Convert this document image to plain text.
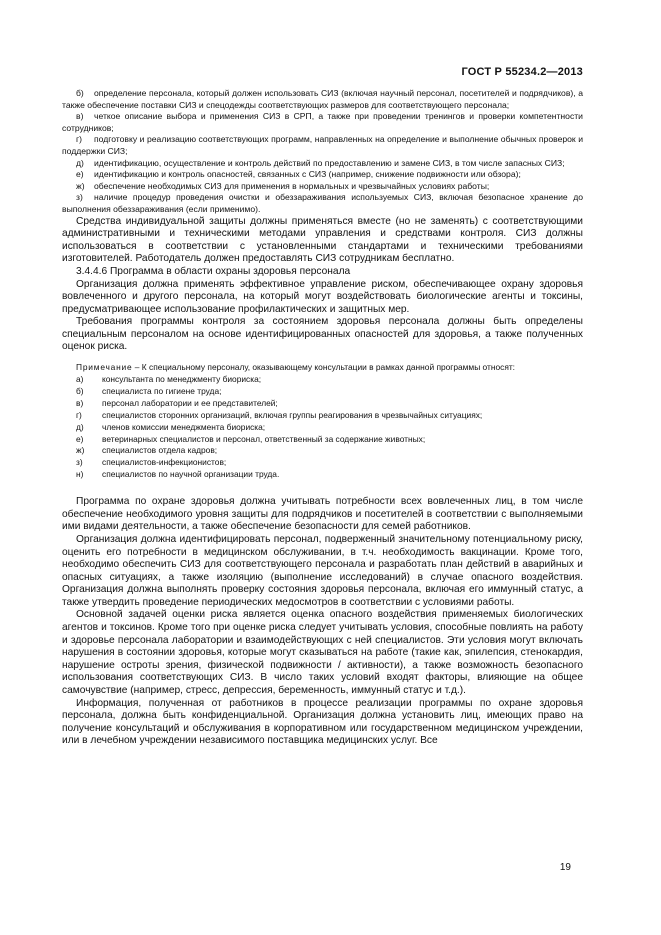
ГОСТ Р 55234.2—2013

б) определение персонала, который должен использовать СИЗ (включая научный персонал, посетителей и подрядчиков), а также обеспечение поставки СИЗ и спецодежды соответствующих размеров для соответствующего персонала;

в) четкое описание выбора и применения СИЗ в СРП, а также при проведении тренингов и проверки компетентности сотрудников;

г) подготовку и реализацию соответствующих программ, направленных на определение и выполнение обычных проверок и поддержки СИЗ;

д) идентификацию, осуществление и контроль действий по предоставлению и замене СИЗ, в том числе запасных СИЗ;

е) идентификацию и контроль опасностей, связанных с СИЗ (например, снижение подвижности или обзора);

ж) обеспечение необходимых СИЗ для применения в нормальных и чрезвычайных условиях работы;

з) наличие процедур проведения очистки и обеззараживания используемых СИЗ, включая безопасное хранение до выполнения обеззараживания (если применимо).

Средства индивидуальной защиты должны применяться вместе (но не заменять) с соответствующими административными и техническими методами управления и средствами контроля. СИЗ должны использоваться в соответствии с установленными стандартами и техническими требованиями изготовителей. Работодатель должен предоставлять СИЗ сотрудникам бесплатно.

3.4.4.6 Программа в области охраны здоровья персонала

Организация должна применять эффективное управление риском, обеспечивающее охрану здоровья вовлеченного и другого персонала, на который могут воздействовать биологические агенты и токсины, предусматривающее использование профилактических и защитных мер.

Требования программы контроля за состоянием здоровья персонала должны быть определены специальным персоналом на основе идентифицированных опасностей для здоровья, а также полученных оценок риска.

Примечание – К специальному персоналу, оказывающему консультации в рамках данной программы относят:

а) консультанта по менеджменту биориска;

б) специалиста по гигиене труда;

в) персонал лаборатории и ее представителей;

г) специалистов сторонних организаций, включая группы реагирования в чрезвычайных ситуациях;

д) членов комиссии менеджмента биориска;

е) ветеринарных специалистов и персонал, ответственный за содержание животных;

ж) специалистов отдела кадров;

з) специалистов-инфекционистов;

н) специалистов по научной организации труда.

Программа по охране здоровья должна учитывать потребности всех вовлеченных лиц, в том числе обеспечение необходимого уровня защиты для подрядчиков и посетителей в соответствии с выполняемыми ими видами деятельности, а также обеспечение безопасности для семей работников.

Организация должна идентифицировать персонал, подверженный значительному потенциальному риску, оценить его потребности в медицинском обслуживании, в т.ч. необходимость вакцинации. Кроме того, необходимо обеспечить СИЗ для соответствующего персонала и разработать план действий в аварийных и опасных ситуациях, а также изоляцию (выполнение исследований) в случае опасного воздействия. Организация должна выполнять проверку состояния здоровья персонала, включая его иммунный статус, а также утвердить проведение периодических медосмотров в соответствии с условиями работы.

Основной задачей оценки риска является оценка опасного воздействия применяемых биологических агентов и токсинов. Кроме того при оценке риска следует учитывать условия, способные повлиять на работу и здоровье персонала лаборатории и взаимодействующих с ней специалистов. Эти условия могут включать нарушения в состоянии здоровья, которые могут сказываться на работе (такие как, эпилепсия, стенокардия, нарушение остроты зрения, физической подвижности / активности), а также возможность безопасного использования соответствующих СИЗ. В число таких условий входят факторы, влияющие на общее самочувствие (например, стресс, депрессия, беременность, иммунный статус и т.д.).

Информация, полученная от работников в процессе реализации программы по охране здоровья персонала, должна быть конфиденциальной. Организация должна установить лиц, имеющих право на получение консультаций и обслуживания в корпоративном или государственном медицинском учреждении, или в лечебном учреждении независимого поставщика медицинских услуг. Все

19
